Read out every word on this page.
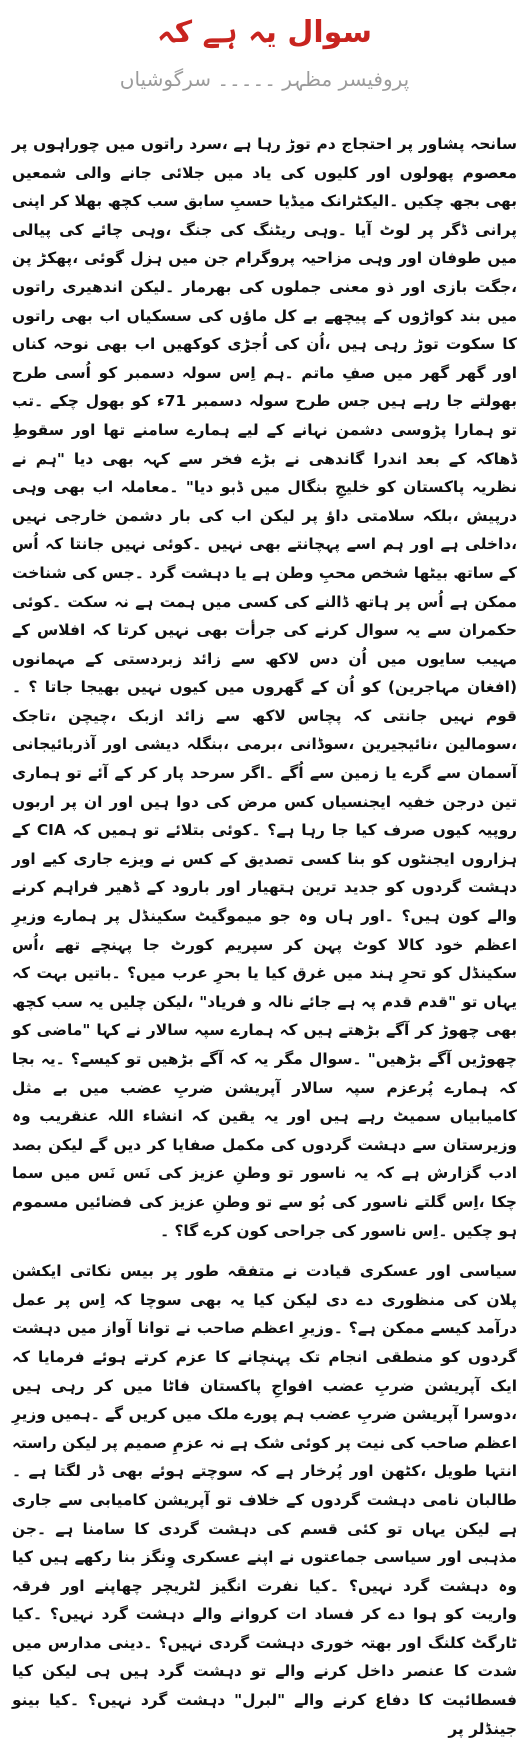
سوال یہ ہے کہ
پروفیسر مظہر ۔۔۔۔۔ سرگوشیاں

سانحہ پشاور پر احتجاج دم توڑ رہا ہے ،سرد راتوں میں چوراہوں پر معصوم پھولوں اور کلیوں کی یاد میں جلائی جانے والی شمعیں بھی بجھ چکیں ۔الیکٹرانک میڈیا حسبِ سابق سب کچھ بھلا کر اپنی پرانی ڈگر پر لوٹ آیا ۔وہی ریٹنگ کی جنگ ،وہی چائے کی پیالی میں طوفان اور وہی مزاحیہ پروگرام جن میں ہزل گوئی ،پھکڑ پن ،جگت بازی اور ذو معنی جملوں کی بھرمار ۔لیکن اندھیری راتوں میں بند کواڑوں کے پیچھے بے کل ماؤں کی سسکیاں اب بھی راتوں کا سکوت توڑ رہی ہیں ،اُن کی اُجڑی کوکھیں اب بھی نوحہ کناں اور گھر گھر میں صفِ ماتم ۔ہم اِس سولہ دسمبر کو اُسی طرح بھولتے جا رہے ہیں جس طرح سولہ دسمبر 71ء کو بھول چکے ۔تب تو ہمارا پڑوسی دشمن نہانے کے لیے ہمارے سامنے تھا اور سقوطِ ڈھاکہ کے بعد اندرا گاندھی نے بڑے فخر سے کہہ بھی دیا "ہم نے نظریہ پاکستان کو خلیجِ بنگال میں ڈبو دیا" ۔معاملہ اب بھی وہی درپیش ،بلکہ سلامتی داؤ پر لیکن اب کی بار دشمن خارجی نہیں ،داخلی ہے اور ہم اسے پہچانتے بھی نہیں ۔کوئی نہیں جانتا کہ اُس کے ساتھ بیٹھا شخص محبِ وطن ہے یا دہشت گرد ۔جس کی شناخت ممکن ہے اُس پر ہاتھ ڈالنے کی کسی میں ہمت ہے نہ سکت ۔کوئی حکمران سے یہ سوال کرنے کی جرأت بھی نہیں کرتا کہ افلاس کے مہیب سایوں میں اُن دس لاکھ سے زائد زبردستی کے مہمانوں (افغان مہاجرین) کو اُن کے گھروں میں کیوں نہیں بھیجا جاتا ؟ ۔قوم نہیں جانتی کہ پچاس لاکھ سے زائد ازبک ،چیچن ،تاجک ،سومالین ،نائیجیرین ،سوڈانی ،برمی ،بنگلہ دیشی اور آذربائیجانی آسمان سے گرے یا زمین سے اُگے ۔اگر سرحد پار کر کے آئے تو ہماری تین درجن خفیہ ایجنسیاں کس مرض کی دوا ہیں اور ان پر اربوں روپیہ کیوں صرف کیا جا رہا ہے؟ ۔کوئی بتلائے تو ہمیں کہ CIA کے ہزاروں ایجنٹوں کو بنا کسی تصدیق کے کس نے ویزے جاری کیے اور دہشت گردوں کو جدید ترین ہتھیار اور بارود کے ڈھیر فراہم کرنے والے کون ہیں؟ ۔اور ہاں وہ جو میموگیٹ سکینڈل پر ہمارے وزیرِ اعظم خود کالا کوٹ پہن کر سپریم کورٹ جا پہنچے تھے ،اُس سکینڈل کو تحرِ ہند میں غرق کیا یا بحرِ عرب میں؟ ۔باتیں بہت کہ یہاں تو "قدم قدم پہ ہے جائے نالہ و فریاد" ،لیکن چلیں یہ سب کچھ بھی چھوڑ کر آگے بڑھتے ہیں کہ ہمارے سپہ سالار نے کہا "ماضی کو چھوڑیں آگے بڑھیں" ۔سوال مگر یہ کہ آگے بڑھیں تو کیسے؟ ۔یہ بجا کہ ہمارے پُرعزم سپہ سالار آپریشن ضربِ عضب میں بے مثل کامیابیاں سمیٹ رہے ہیں اور یہ یقین کہ انشاء اللہ عنقریب وہ وزیرستان سے دہشت گردوں کی مکمل صفایا کر دیں گے لیکن بصد ادب گزارش ہے کہ یہ ناسور تو وطنِ عزیز کی نَس نَس میں سما چکا ،اِس گلتے ناسور کی بُو سے تو وطنِ عزیز کی فضائیں مسموم ہو چکیں ۔اِس ناسور کی جراحی کون کرے گا؟ ۔

سیاسی اور عسکری قیادت نے متفقہ طور پر بیس نکاتی ایکشن پلان کی منظوری دے دی لیکن کیا یہ بھی سوچا کہ اِس پر عمل درآمد کیسے ممکن ہے؟ ۔وزیرِ اعظم صاحب نے توانا آواز میں دہشت گردوں کو منطقی انجام تک پہنچانے کا عزم کرتے ہوئے فرمایا کہ ایک آپریشن ضربِ عضب افواجِ پاکستان فاٹا میں کر رہی ہیں ،دوسرا آپریشن ضربِ عضب ہم پورے ملک میں کریں گے ۔ہمیں وزیرِ اعظم صاحب کی نیت پر کوئی شک ہے نہ عزمِ صمیم پر لیکن راستہ انتہا طویل ،کٹھن اور پُرخار ہے کہ سوچتے ہوئے بھی ڈر لگتا ہے ۔طالبان نامی دہشت گردوں کے خلاف تو آپریشن کامیابی سے جاری ہے لیکن یہاں تو کئی قسم کی دہشت گردی کا سامنا ہے ۔جن مذہبی اور سیاسی جماعتوں نے اپنے عسکری وِنگز بنا رکھے ہیں کیا وہ دہشت گرد نہیں؟ ۔کیا نفرت انگیز لٹریچر چھاپنے اور فرقہ واریت کو ہوا دے کر فساد ات کروانے والے دہشت گرد نہیں؟ ۔کیا ٹارگٹ کلنگ اور بھتہ خوری دہشت گردی نہیں؟ ۔دینی مدارس میں شدت کا عنصر داخل کرنے والے تو دہشت گرد ہیں ہی لیکن کیا فسطائیت کا دفاع کرنے والے "لبرل" دہشت گرد نہیں؟ ۔کیا بینو جینڈلر پر
